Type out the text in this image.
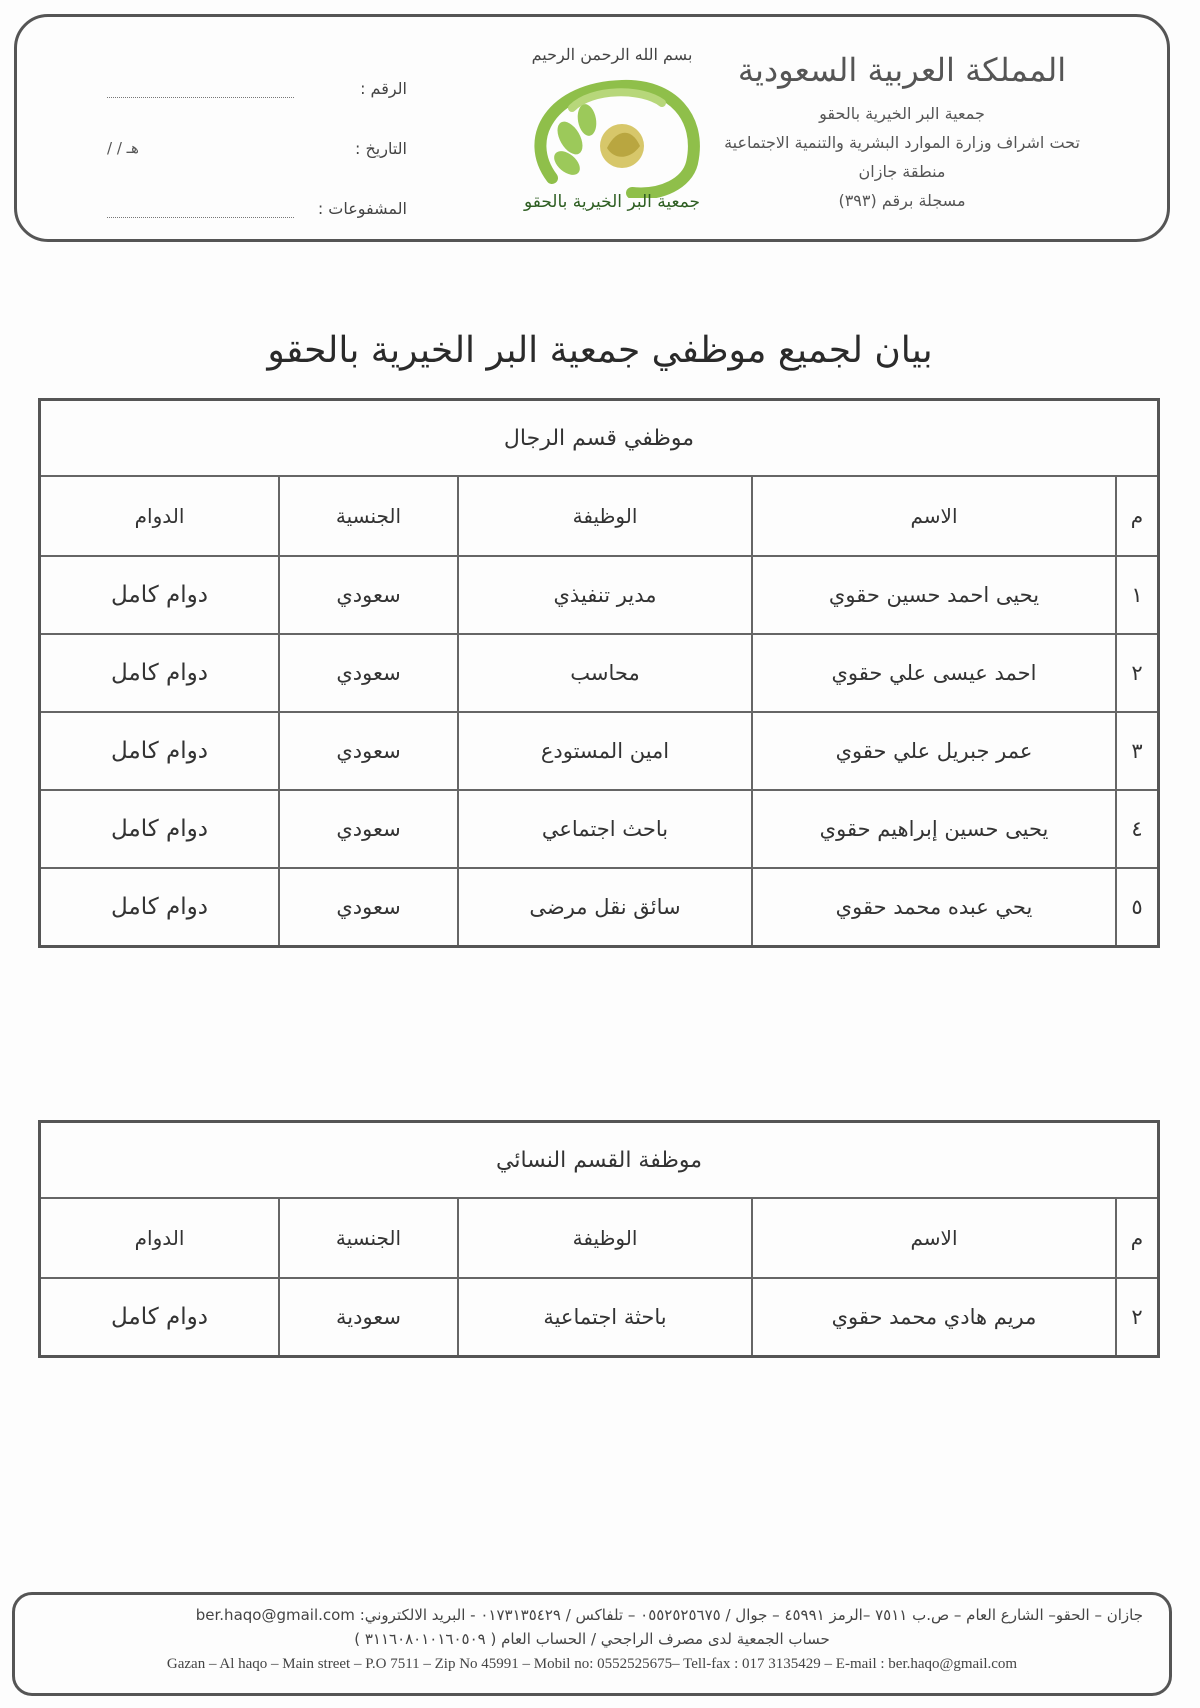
المملكة العربية السعودية
جمعية البر الخيرية بالحقو
تحت اشراف وزارة الموارد البشرية والتنمية الاجتماعية
منطقة جازان
مسجلة برقم (٣٩٣)
بسم الله الرحمن الرحيم
جمعية البر الخيرية بالحقو
الرقم :
التاريخ :
/ / هـ
المشفوعات :
بيان لجميع موظفي جمعية البر الخيرية بالحقو
موظفي قسم الرجال				
م	الاسم	الوظيفة	الجنسية	الدوام
١	يحيى احمد حسين حقوي	مدير تنفيذي	سعودي	دوام كامل
٢	احمد عيسى علي حقوي	محاسب	سعودي	دوام كامل
٣	عمر جبريل علي حقوي	امين المستودع	سعودي	دوام كامل
٤	يحيى حسين إبراهيم حقوي	باحث اجتماعي	سعودي	دوام كامل
٥	يحي عبده محمد حقوي	سائق نقل مرضى	سعودي	دوام كامل
موظفة القسم النسائي				
م	الاسم	الوظيفة	الجنسية	الدوام
٢	مريم هادي محمد حقوي	باحثة اجتماعية	سعودية	دوام كامل
جازان – الحقو– الشارع العام – ص.ب ٧٥١١ –الرمز ٤٥٩٩١ – جوال / ٠٥٥٢٥٢٥٦٧٥ – تلفاكس / ٠١٧٣١٣٥٤٢٩ - البريد الالكتروني: ber.haqo@gmail.com
حساب الجمعية لدى مصرف الراجحي / الحساب العام ( ٣١١٦٠٨٠١٠١٦٠٥٠٩ )
Gazan – Al haqo – Main street – P.O 7511 – Zip No 45991 – Mobil no: 0552525675– Tell-fax : 017 3135429 – E-mail : ber.haqo@gmail.com
